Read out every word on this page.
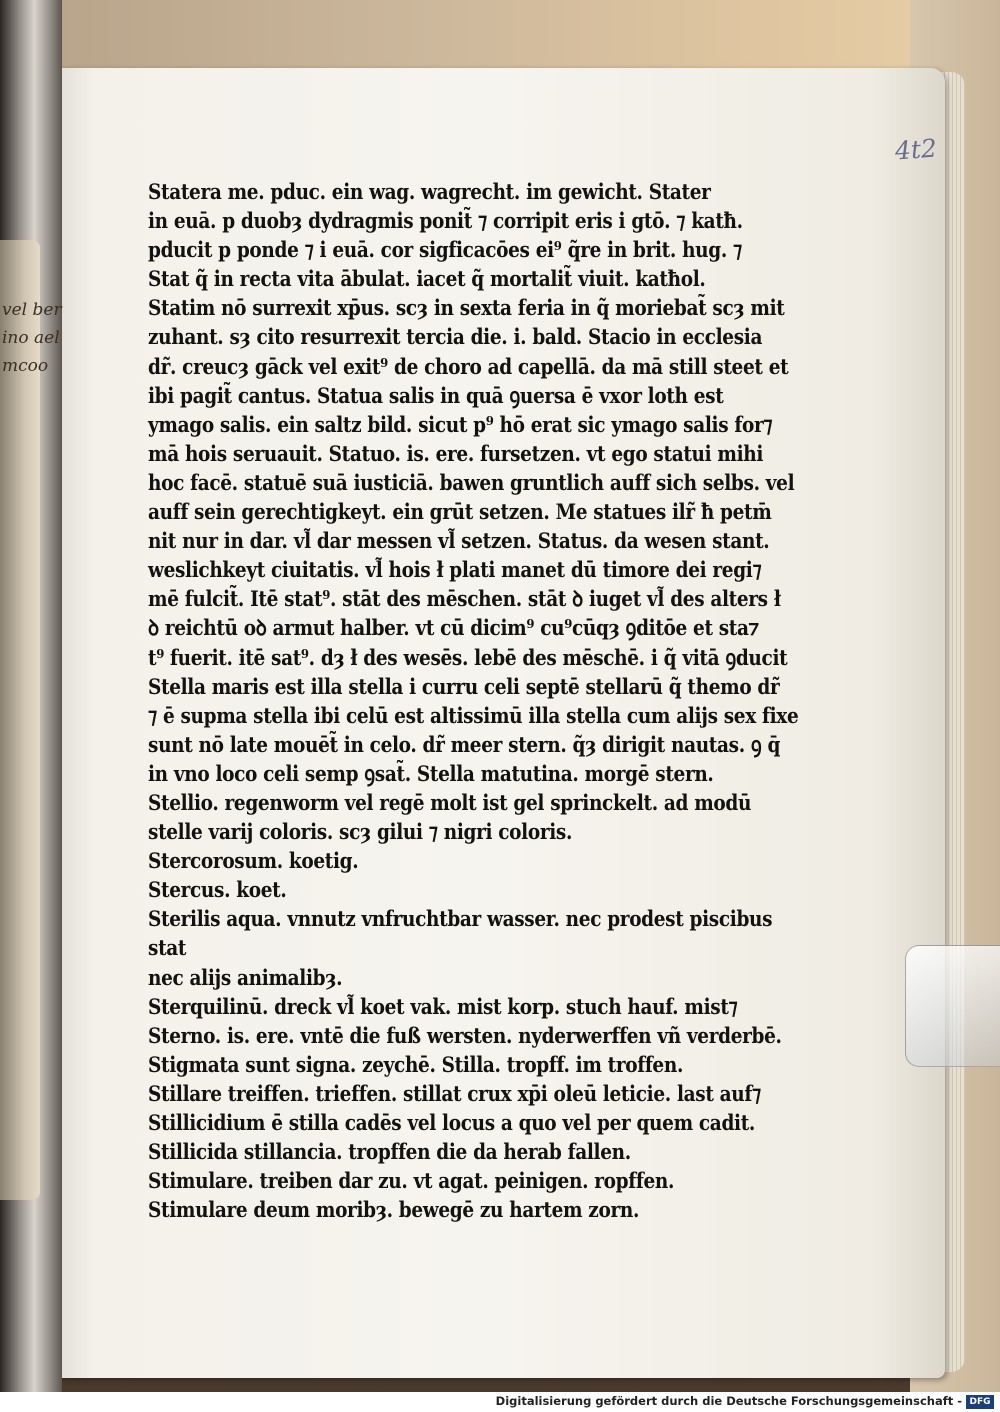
vel ber
ino ael
mcoo
4t2
Statera me. pduc. ein wag. wagrecht. im gewicht. Stater
in euā. p duobȝ dydragmis ponit̃ ⁊ corripit eris i gtō. ⁊ katħ.
pducit p ponde ⁊ i euā. cor sigficacōes ei⁹ q̃re in brit. hug. ⁊
Stat q̃ in recta vita ābulat. iacet q̃ mortalit̃ viuit. katħol.
Statim nō surrexit xp̄us. scȝ in sexta feria in q̃ moriebat̃ scȝ mit
zuhant. sȝ cito resurrexit tercia die. i. bald. Stacio in ecclesia
dr̃. creucȝ gāck vel exit⁹ de choro ad capellā. da mā still steet et
ibi pagit̃ cantus. Statua salis in quā ꝯuersa ē vxor loth est
ymago salis. ein saltz bild. sicut p⁹ hō erat sic ymago salis for⁊
mā hois seruauit. Statuo. is. ere. fursetzen. vt ego statui mihi
hoc facē. statuē suā iusticiā. bawen gruntlich auff sich selbs. vel
auff sein gerechtigkeyt. ein grūt setzen. Me statues ilr̃ ħ petm̄
nit nur in dar. vl̃ dar messen vl̃ setzen. Status. da wesen stant.
weslichkeyt ciuitatis. vl̃ hois ł plati manet dū timore dei regi⁊
mē fulcit̃. Itē stat⁹. stāt des mēschen. stāt ꝺ iuget vl̃ des alters ł
ꝺ reichtū oꝺ armut halber. vt cū dicim⁹ cu⁹cūqȝ ꝯditōe et sta⁊
t⁹ fuerit. itē sat⁹. dȝ ł des wesēs. lebē des mēschē. i q̃ vitā ꝯducit
Stella maris est illa stella i curru celi septē stellarū q̃ themo dr̃
⁊ ē supma stella ibi celū est altissimū illa stella cum alijs sex fixe
sunt nō late mouēt̃ in celo. dr̃ meer stern. q̃ȝ dirigit nautas. ꝯ q̄
in vno loco celi semp ꝯsat̃. Stella matutina. morgē stern.
Stellio. regenworm vel regē molt ist gel sprinckelt. ad modū
stelle varij coloris. scȝ gilui ⁊ nigri coloris.
Stercorosum. koetig.
Stercus. koet.
Sterilis aqua. vnnutz vnfruchtbar wasser. nec prodest piscibus
stat
nec alijs animalibȝ.
Sterquilinū. dreck vl̃ koet vak. mist korp. stuch hauf. mist⁊
Sterno. is. ere. vntē die fuß wersten. nyderwerffen vñ verderbē.
Stigmata sunt signa. zeychē. Stilla. tropff. im troffen.
Stillare treiffen. trieffen. stillat crux xp̄i oleū leticie. last auf⁊
Stillicidium ē stilla cadēs vel locus a quo vel per quem cadit.
Stillicida stillancia. tropffen die da herab fallen.
Stimulare. treiben dar zu. vt agat. peinigen. ropffen.
Stimulare deum moribȝ. bewegē zu hartem zorn.
Digitalisierung gefördert durch die Deutsche Forschungsgemeinschaft - DFG
